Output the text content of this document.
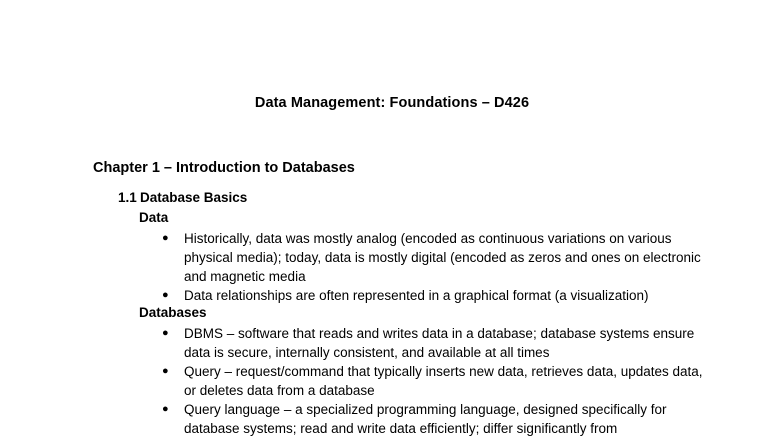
Data Management: Foundations – D426
Chapter 1 – Introduction to Databases
1.1 Database Basics
Data
● Historically, data was mostly analog (encoded as continuous variations on various physical media); today, data is mostly digital (encoded as zeros and ones on electronic and magnetic media
● Data relationships are often represented in a graphical format (a visualization)
Databases
● DBMS – software that reads and writes data in a database; database systems ensure data is secure, internally consistent, and available at all times
● Query – request/command that typically inserts new data, retrieves data, updates data, or deletes data from a database
● Query language – a specialized programming language, designed specifically for database systems; read and write data efficiently; differ significantly from
